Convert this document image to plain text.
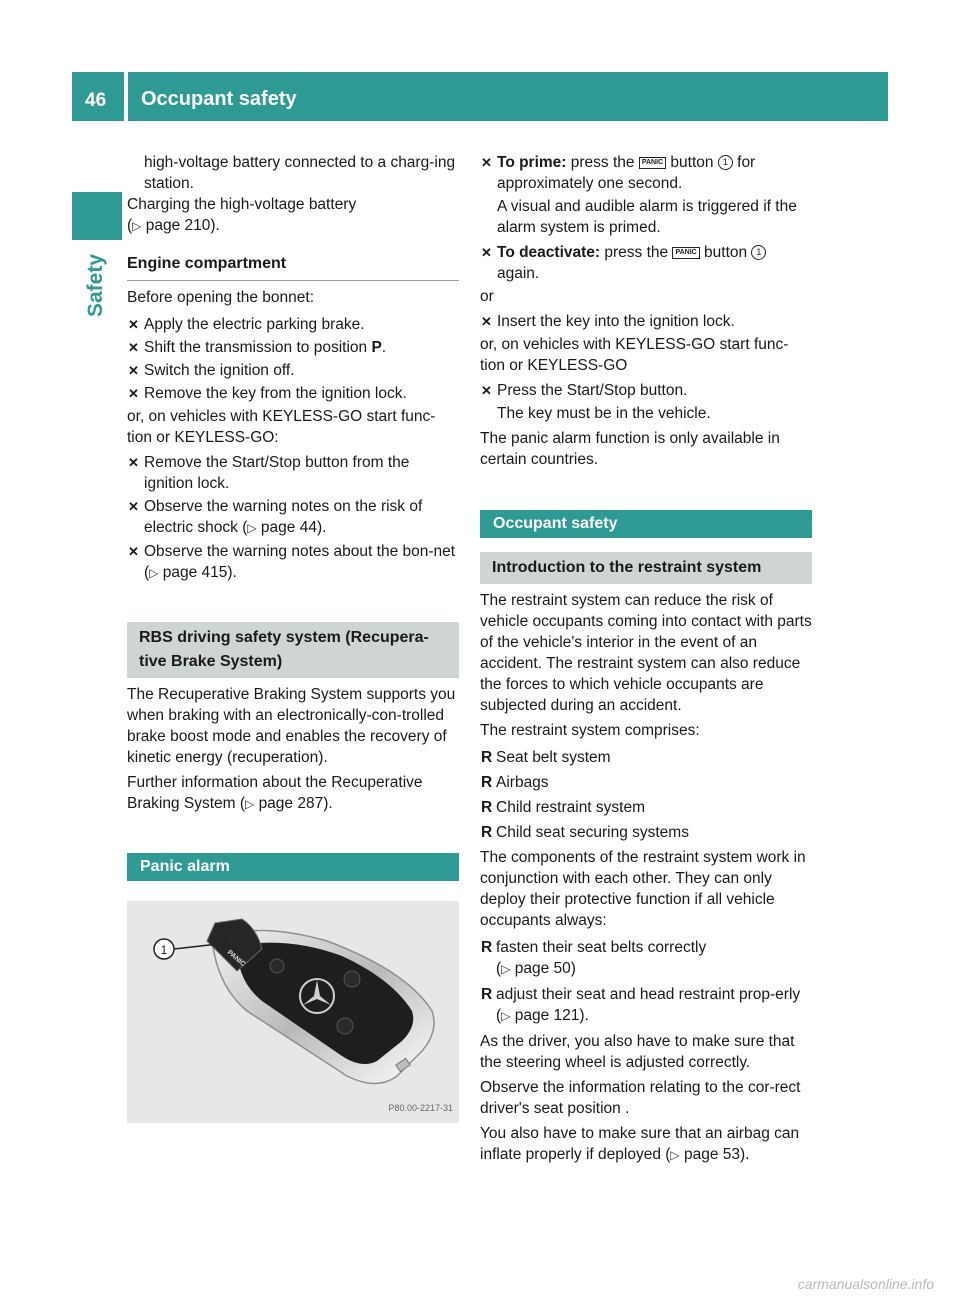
46 Occupant safety
Safety

high-voltage battery connected to a charg-ing station.

Charging the high-voltage battery
(▷ page 210).

Engine compartment

Before opening the bonnet:

✕ Apply the electric parking brake.
✕ Shift the transmission to position P.
✕ Switch the ignition off.
✕ Remove the key from the ignition lock.

or, on vehicles with KEYLESS-GO start func-tion or KEYLESS-GO:

✕ Remove the Start/Stop button from the ignition lock.
✕ Observe the warning notes on the risk of electric shock (▷ page 44).
✕ Observe the warning notes about the bon-net (▷ page 415).
RBS driving safety system (Recupera-tive Brake System)

The Recuperative Braking System supports you when braking with an electronically-con-trolled brake boost mode and enables the recovery of kinetic energy (recuperation).

Further information about the Recuperative Braking System (▷ page 287).

Panic alarm
PANIC
1
P80.00-2217-31
✕ To prime: press the PANIC button 1 for approximately one second.

A visual and audible alarm is triggered if the alarm system is primed.

✕ To deactivate: press the PANIC button 1 again.

or

✕ Insert the key into the ignition lock.

or, on vehicles with KEYLESS-GO start func-tion or KEYLESS-GO

✕ Press the Start/Stop button.

The key must be in the vehicle.

The panic alarm function is only available in certain countries.

Occupant safety
Introduction to the restraint system

The restraint system can reduce the risk of vehicle occupants coming into contact with parts of the vehicle's interior in the event of an accident. The restraint system can also reduce the forces to which vehicle occupants are subjected during an accident.

The restraint system comprises:

R Seat belt system
R Airbags
R Child restraint system
R Child seat securing systems

The components of the restraint system work in conjunction with each other. They can only deploy their protective function if all vehicle occupants always:

R fasten their seat belts correctly
(▷ page 50)
R adjust their seat and head restraint prop-erly (▷ page 121).

As the driver, you also have to make sure that the steering wheel is adjusted correctly.

Observe the information relating to the cor-rect driver's seat position .

You also have to make sure that an airbag can inflate properly if deployed (▷ page 53).

carmanualsonline.info
